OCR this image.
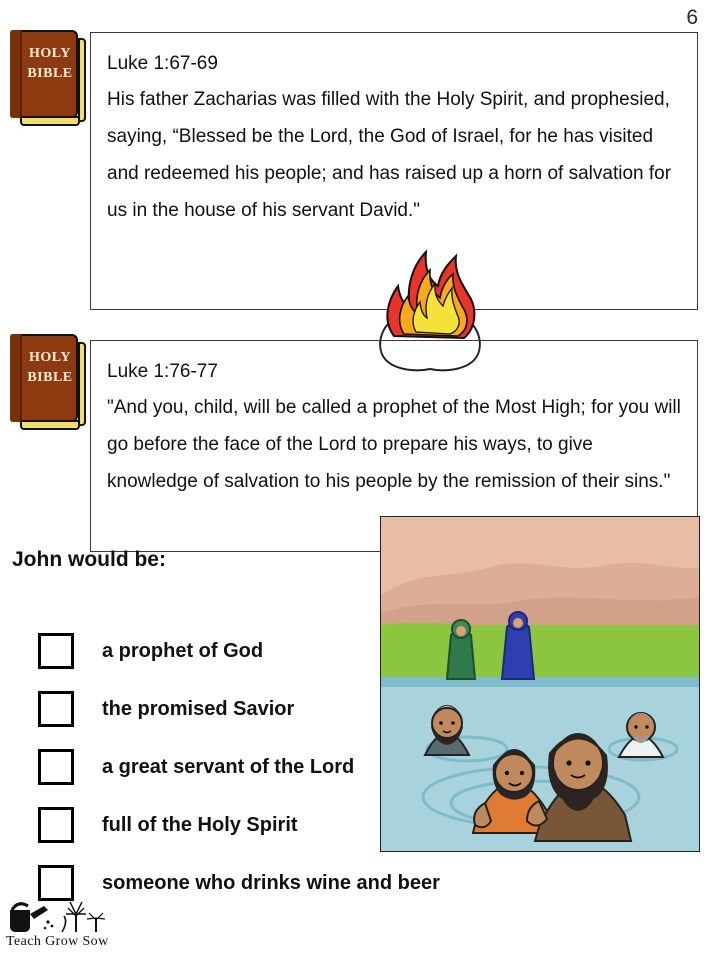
6
HOLY
BIBLE Luke 1:67-69
His father Zacharias was filled with the Holy Spirit, and prophesied, saying, “Blessed be the Lord, the God of Israel, for he has visited and redeemed his people; and has raised up a horn of salvation for us in the house of his servant David."
HOLY
BIBLE Luke 1:76-77
"And you, child, will be called a prophet of the Most High; for you will go before the face of the Lord to prepare his ways, to give knowledge of salvation to his people by the remission of their sins."
John would be:
a prophet of God
the promised Savior
a great servant of the Lord
full of the Holy Spirit
someone who drinks wine and beer
Teach Grow Sow
